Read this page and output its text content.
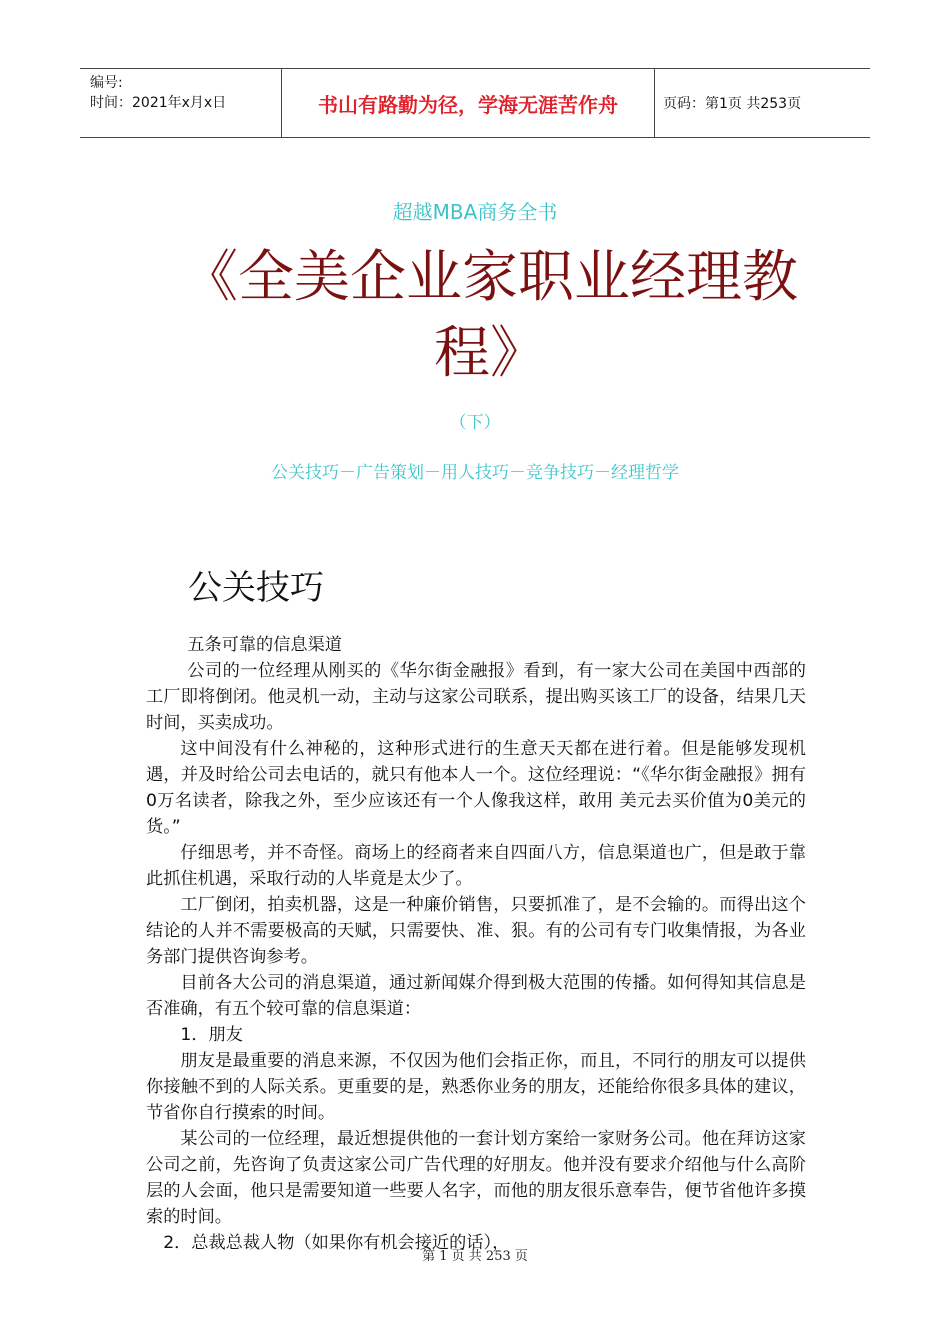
编号:
时间：2021年x月x日	书山有路勤为径，学海无涯苦作舟	页码：第1页 共253页
超越MBA商务全书
《全美企业家职业经理教程》
（下）
公关技巧－广告策划－用人技巧－竞争技巧－经理哲学
公关技巧

五条可靠的信息渠道

公司的一位经理从刚买的《华尔街金融报》看到，有一家大公司在美国中西部的工厂即将倒闭。他灵机一动，主动与这家公司联系，提出购买该工厂的设备，结果几天时间，买卖成功。

这中间没有什么神秘的，这种形式进行的生意天天都在进行着。但是能够发现机遇，并及时给公司去电话的，就只有他本人一个。这位经理说：“《华尔街金融报》拥有0万名读者，除我之外，至少应该还有一个人像我这样，敢用 美元去买价值为0美元的货。”

仔细思考，并不奇怪。商场上的经商者来自四面八方，信息渠道也广，但是敢于靠此抓住机遇，采取行动的人毕竟是太少了。

工厂倒闭，拍卖机器，这是一种廉价销售，只要抓准了，是不会输的。而得出这个结论的人并不需要极高的天赋，只需要快、准、狠。有的公司有专门收集情报，为各业务部门提供咨询参考。

目前各大公司的消息渠道，通过新闻媒介得到极大范围的传播。如何得知其信息是否准确，有五个较可靠的信息渠道：

1．朋友

朋友是最重要的消息来源，不仅因为他们会指正你，而且，不同行的朋友可以提供你接触不到的人际关系。更重要的是，熟悉你业务的朋友，还能给你很多具体的建议，节省你自行摸索的时间。

某公司的一位经理，最近想提供他的一套计划方案给一家财务公司。他在拜访这家公司之前，先咨询了负责这家公司广告代理的好朋友。他并没有要求介绍他与什么高阶层的人会面，他只是需要知道一些要人名字，而他的朋友很乐意奉告，便节省他许多摸索的时间。

2．总裁总裁人物（如果你有机会接近的话），

第 1 页 共 253 页
